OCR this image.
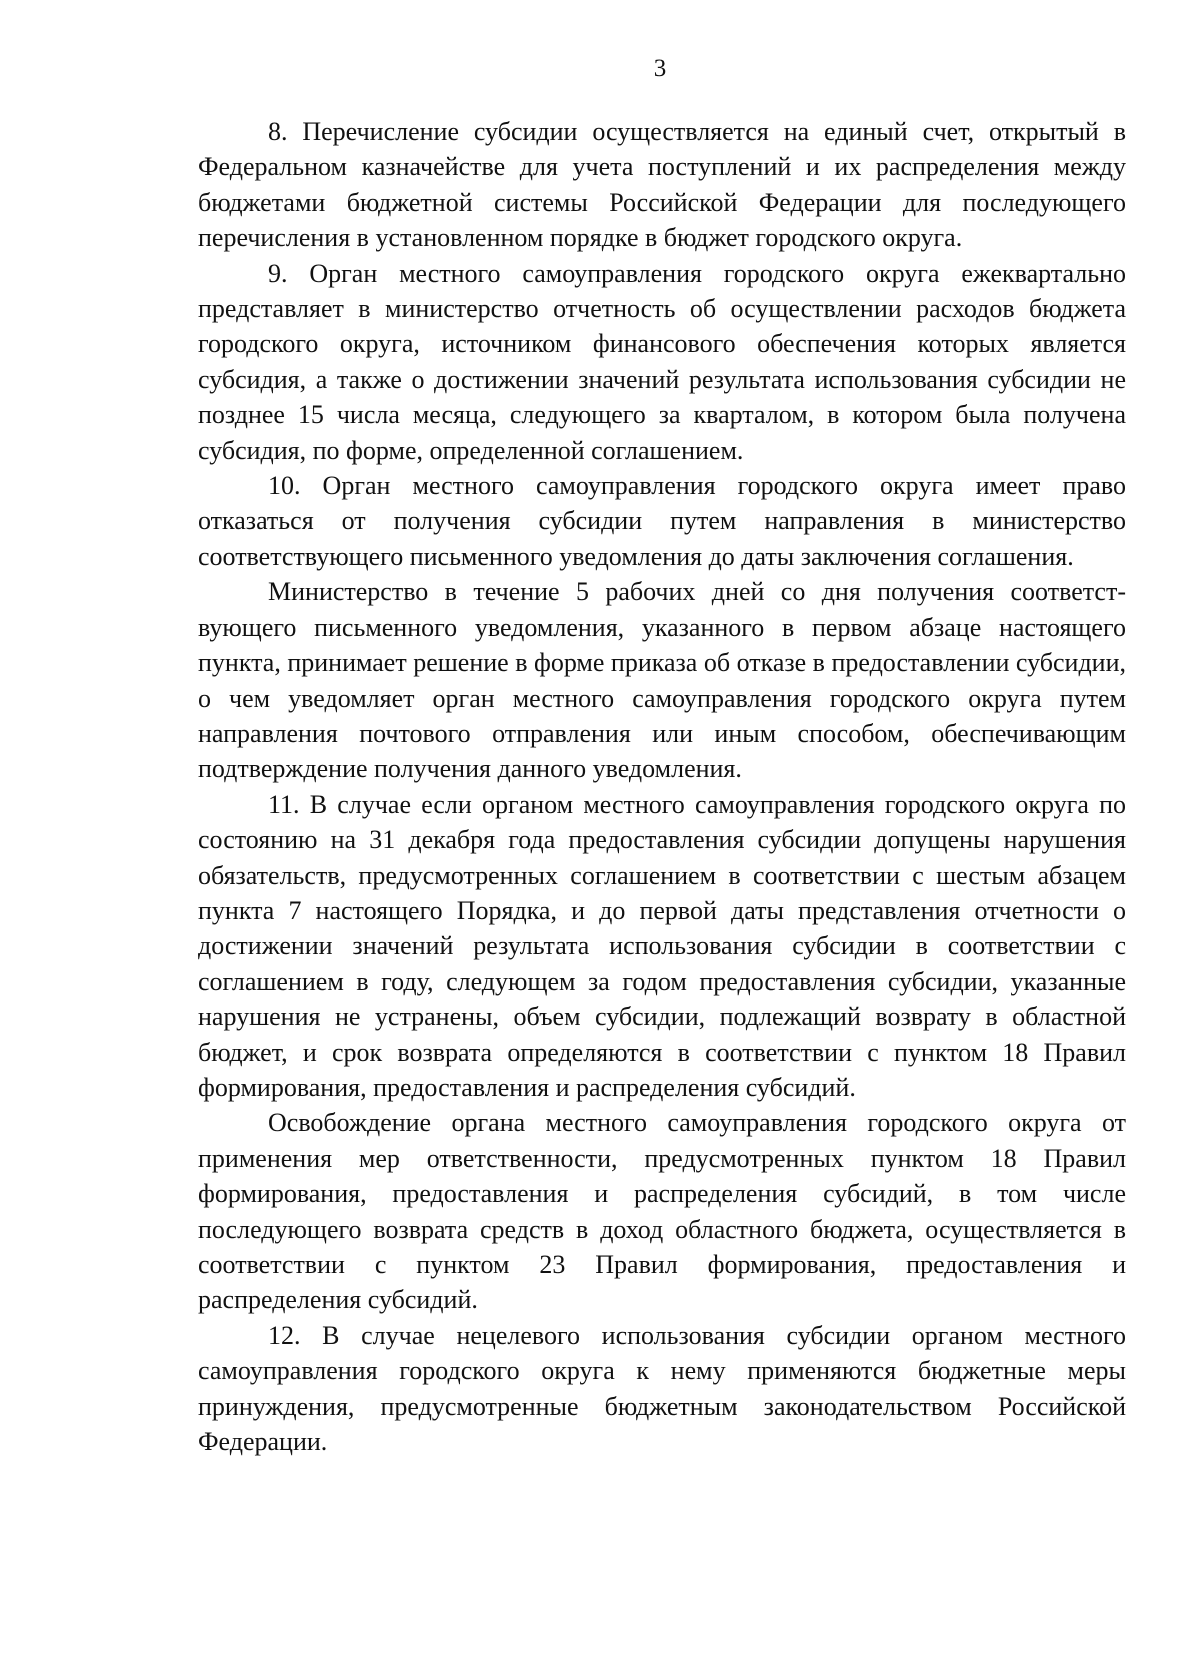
3

8. Перечисление субсидии осуществляется на единый счет, открытый в Федеральном казначействе для учета поступлений и их распределения между бюджетами бюджетной системы Российской Федерации для последующего перечисления в установленном порядке в бюджет городского округа.

9. Орган местного самоуправления городского округа ежеквартально представляет в министерство отчетность об осуществлении расходов бюджета городского округа, источником финансового обеспечения которых является субсидия, а также о достижении значений результата использования субсидии не позднее 15 числа месяца, следующего за кварталом, в котором была получена субсидия, по форме, определенной соглашением.

10. Орган местного самоуправления городского округа имеет право отказаться от получения субсидии путем направления в министерство соответствующего письменного уведомления до даты заключения соглашения.

Министерство в течение 5 рабочих дней со дня получения соответствующего письменного уведомления, указанного в первом абзаце настоящего пункта, принимает решение в форме приказа об отказе в предоставлении субсидии, о чем уведомляет орган местного самоуправления городского округа путем направления почтового отправления или иным способом, обеспечивающим подтверждение получения данного уведомления.

11. В случае если органом местного самоуправления городского округа по состоянию на 31 декабря года предоставления субсидии допущены нарушения обязательств, предусмотренных соглашением в соответствии с шестым абзацем пункта 7 настоящего Порядка, и до первой даты представления отчетности о достижении значений результата использования субсидии в соответствии с соглашением в году, следующем за годом предоставления субсидии, указанные нарушения не устранены, объем субсидии, подлежащий возврату в областной бюджет, и срок возврата определяются в соответствии с пунктом 18 Правил формирования, предоставления и распределения субсидий.

Освобождение органа местного самоуправления городского округа от применения мер ответственности, предусмотренных пунктом 18 Правил формирования, предоставления и распределения субсидий, в том числе последующего возврата средств в доход областного бюджета, осуществляется в соответствии с пунктом 23 Правил формирования, предоставления и распределения субсидий.

12. В случае нецелевого использования субсидии органом местного самоуправления городского округа к нему применяются бюджетные меры принуждения, предусмотренные бюджетным законодательством Российской Федерации.
